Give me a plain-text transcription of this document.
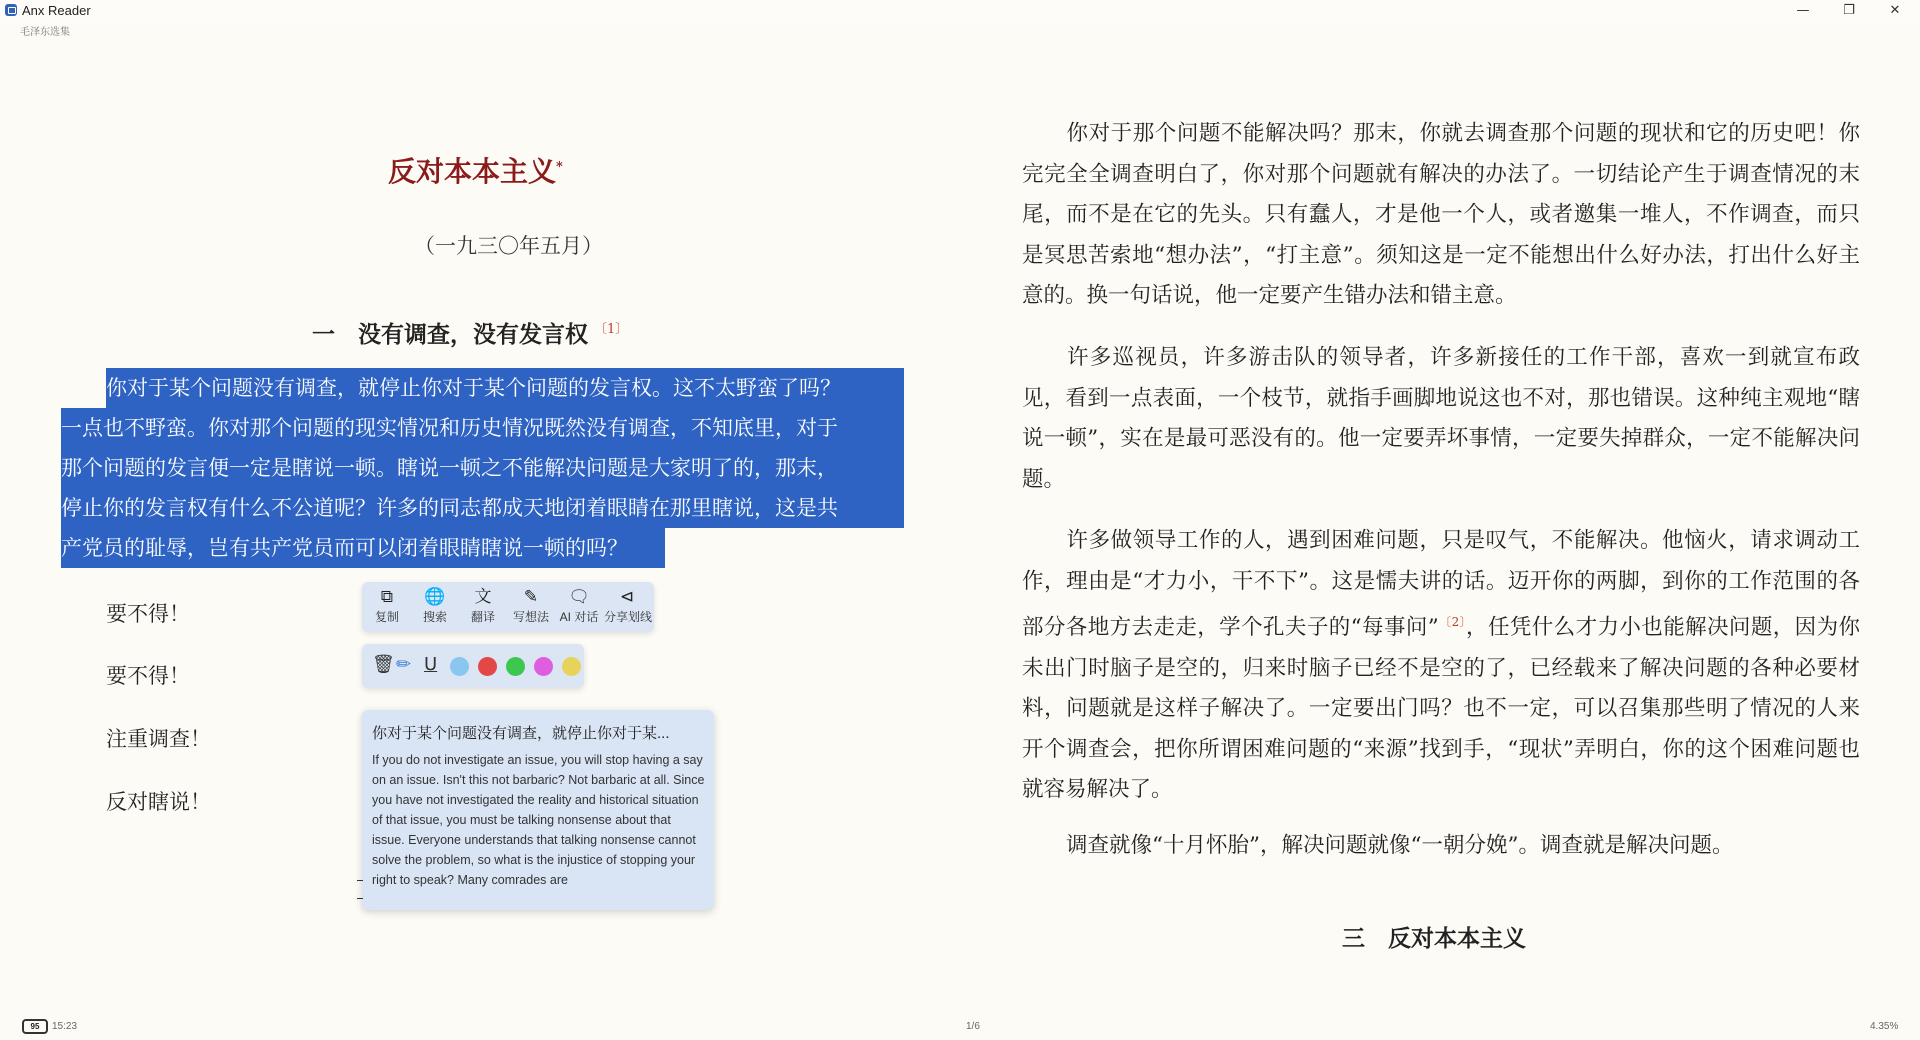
Anx Reader	—	❐	✕
毛泽东选集
反对本本主义*
（一九三〇年五月）
一　没有调查，没有发言权 $^{〔1〕}$
你对于某个问题没有调查，就停止你对于某个问题的发言权。这不太野蛮了吗？
一点也不野蛮。你对那个问题的现实情况和历史情况既然没有调查，不知底里，对于
那个问题的发言便一定是瞎说一顿。瞎说一顿之不能解决问题是大家明了的，那末，
停止你的发言权有什么不公道呢？许多的同志都成天地闭着眼睛在那里瞎说，这是共
产党员的耻辱，岂有共产党员而可以闭着眼睛瞎说一顿的吗？
要不得！
要不得！
注重调查！
反对瞎说！
⧉
复制
🌐
搜索
文
翻译
✎
写想法
🗨
AI 对话
⊲
分享划线
🗑 ✏ U
你对于某个问题没有调查，就停止你对于某...
If you do not investigate an issue, you will stop having a say on an issue. Isn't this not barbaric? Not barbaric at all. Since you have not investigated the reality and historical situation of that issue, you must be talking nonsense about that issue. Everyone understands that talking nonsense cannot solve the problem, so what is the injustice of stopping your right to speak? Many comrades are
你对于那个问题不能解决吗？那末，你就去调查那个问题的现状和它的历史吧！你完完全全调查明白了，你对那个问题就有解决的办法了。一切结论产生于调查情况的末尾，而不是在它的先头。只有蠢人，才是他一个人，或者邀集一堆人，不作调查，而只是冥思苦索地“想办法”，“打主意”。须知这是一定不能想出什么好办法，打出什么好主意的。换一句话说，他一定要产生错办法和错主意。
许多巡视员，许多游击队的领导者，许多新接任的工作干部，喜欢一到就宣布政见，看到一点表面，一个枝节，就指手画脚地说这也不对，那也错误。这种纯主观地“瞎说一顿”，实在是最可恶没有的。他一定要弄坏事情，一定要失掉群众，一定不能解决问题。
许多做领导工作的人，遇到困难问题，只是叹气，不能解决。他恼火，请求调动工作，理由是“才力小，干不下”。这是懦夫讲的话。迈开你的两脚，到你的工作范围的各部分各地方去走走，学个孔夫子的“每事问”$^{〔2〕}$，任凭什么才力小也能解决问题，因为你未出门时脑子是空的，归来时脑子已经不是空的了，已经载来了解决问题的各种必要材料，问题就是这样子解决了。一定要出门吗？也不一定，可以召集那些明了情况的人来开个调查会，把你所谓困难问题的“来源”找到手，“现状”弄明白，你的这个困难问题也就容易解决了。
调查就像“十月怀胎”，解决问题就像“一朝分娩”。调查就是解决问题。
三　反对本本主义
95	15:23	1/6	4.35%
